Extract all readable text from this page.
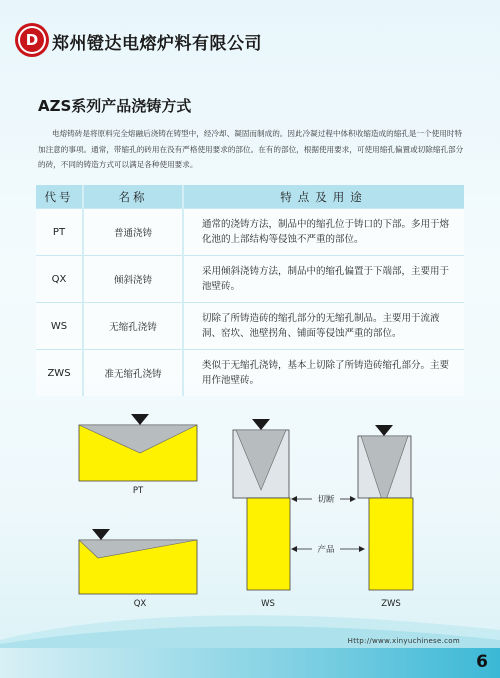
D 郑州镫达电熔炉料有限公司
AZS系列产品浇铸方式
电熔铸砖是将原料完全熔融后浇铸在铸型中，经冷却、凝固而制成的。因此冷凝过程中体积收缩造成的缩孔是一个使用时特加注意的事项。通常，带缩孔的砖用在没有严格使用要求的部位。在有的部位，根据使用要求，可使用缩孔偏置或切除缩孔部分的砖，不同的铸造方式可以满足各种使用要求。
代号	名称	特点及用途
PT	普通浇铸	通常的浇铸方法，制品中的缩孔位于铸口的下部。多用于熔化池的上部结构等侵蚀不严重的部位。
QX	倾斜浇铸	采用倾斜浇铸方法，制品中的缩孔偏置于下端部，主要用于池壁砖。
WS	无缩孔浇铸	切除了所铸造砖的缩孔部分的无缩孔制品。主要用于流液洞、窑坎、池壁拐角、铺面等侵蚀严重的部位。
ZWS	准无缩孔浇铸	类似于无缩孔浇铸，基本上切除了所铸造砖缩孔部分。主要用作池壁砖。
PT
QX	WS	ZWS
切断
产品
Http://www.xinyuchinese.com
6
